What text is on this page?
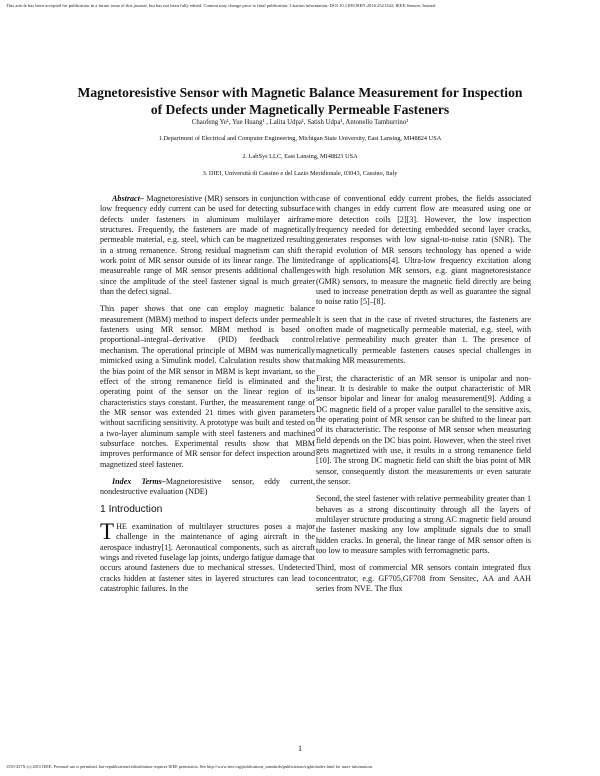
This article has been accepted for publication in a future issue of this journal, but has not been fully edited. Content may change prior to final publication. Citation information: DOI 10.1109/JSEN.2016.2521342, IEEE Sensors Journal
Magnetoresistive Sensor with Magnetic Balance Measurement for Inspection
of Defects under Magnetically Permeable Fasteners
Chaofeng Ye¹, Yue Huang¹ , Lalita Udpa¹, Satish Udpa¹, Antonello Tamburrino³
1.Department of Electrical and Computer Engineering, Michigan State University, East Lansing, MI48824 USA
2. LabSys LLC, East Lansing, MI48823 USA
3. DIEI, Università di Cassino e del Lazio Meridionale, 03043, Cassino, Italy

Abstract– Magnetoresistive (MR) sensors in conjunction with low frequency eddy current can be used for detecting subsurface defects under fasteners in aluminum multilayer airframe structures. Frequently, the fasteners are made of magnetically permeable material, e.g. steel, which can be magnetized resulting in a strong remanence. Strong residual magnetism can shift the work point of MR sensor outside of its linear range. The limited measureable range of MR sensor presents additional challenges since the amplitude of the steel fastener signal is much greater than the defect signal.

This paper shows that one can employ magnetic balance measurement (MBM) method to inspect defects under permeable fasteners using MR sensor. MBM method is based on proportional–integral–derivative (PID) feedback control mechanism. The operational principle of MBM was numerically mimicked using a Simulink model. Calculation results show that the bias point of the MR sensor in MBM is kept invariant, so the effect of the strong remanence field is eliminated and the operating point of the sensor on the linear region of its characteristics stays constant. Further, the measurement range of the MR sensor was extended 21 times with given parameters without sacrificing sensitivity. A prototype was built and tested on a two-layer aluminum sample with steel fasteners and machined subsurface notches. Experimental results show that MBM improves performance of MR sensor for defect inspection around magnetized steel fastener.

Index Terms–Magnetoresistive sensor, eddy current, nondestructive evaluation (NDE)

1 Introduction

THE examination of multilayer structures poses a major challenge in the maintenance of aging aircraft in the aerospace industry[1]. Aeronautical components, such as aircraft wings and riveted fuselage lap joints, undergo fatigue damage that occurs around fasteners due to mechanical stresses. Undetected cracks hidden at fastener sites in layered structures can lead to catastrophic failures. In the

case of conventional eddy current probes, the fields associated with changes in eddy current flow are measured using one or more detection coils [2][3]. However, the low inspection frequency needed for detecting embedded second layer cracks, generates responses with low signal-to-noise ratio (SNR). The rapid evolution of MR sensors technology has opened a wide range of applications[4]. Ultra-low frequency excitation along with high resolution MR sensors, e.g. giant magnetoresistance (GMR) sensors, to measure the magnetic field directly are being used to increase penetration depth as well as guarantee the signal to noise ratio [5]–[8].

It is seen that in the case of riveted structures, the fasteners are often made of magnetically permeable material, e.g. steel, with relative permeability much greater than 1. The presence of magnetically permeable fasteners causes special challenges in making MR measurements.

First, the characteristic of an MR sensor is unipolar and non-linear. It is desirable to make the output characteristic of MR sensor bipolar and linear for analog measurement[9]. Adding a DC magnetic field of a proper value parallel to the sensitive axis, the operating point of MR sensor can be shifted to the linear part of its characteristic. The response of MR sensor when measuring field depends on the DC bias point. However, when the steel rivet gets magnetized with use, it results in a strong remanence field [10]. The strong DC magnetic field can shift the bias point of MR sensor, consequently distort the measurements or even saturate the sensor.

Second, the steel fastener with relative permeability greater than 1 behaves as a strong discontinuity through all the layers of multilayer structure producing a strong AC magnetic field around the fastener masking any low amplitude signals due to small hidden cracks. In general, the linear range of MR sensor often is too low to measure samples with ferromagnetic parts.

Third, most of commercial MR sensors contain integrated flux concentrator, e.g. GF705,GF708 from Sensitec, AA and AAH series from NVE. The flux

1
1530-437X (c) 2015 IEEE. Personal use is permitted, but republication/redistribution requires IEEE permission. See http://www.ieee.org/publications_standards/publications/rights/index.html for more information.
